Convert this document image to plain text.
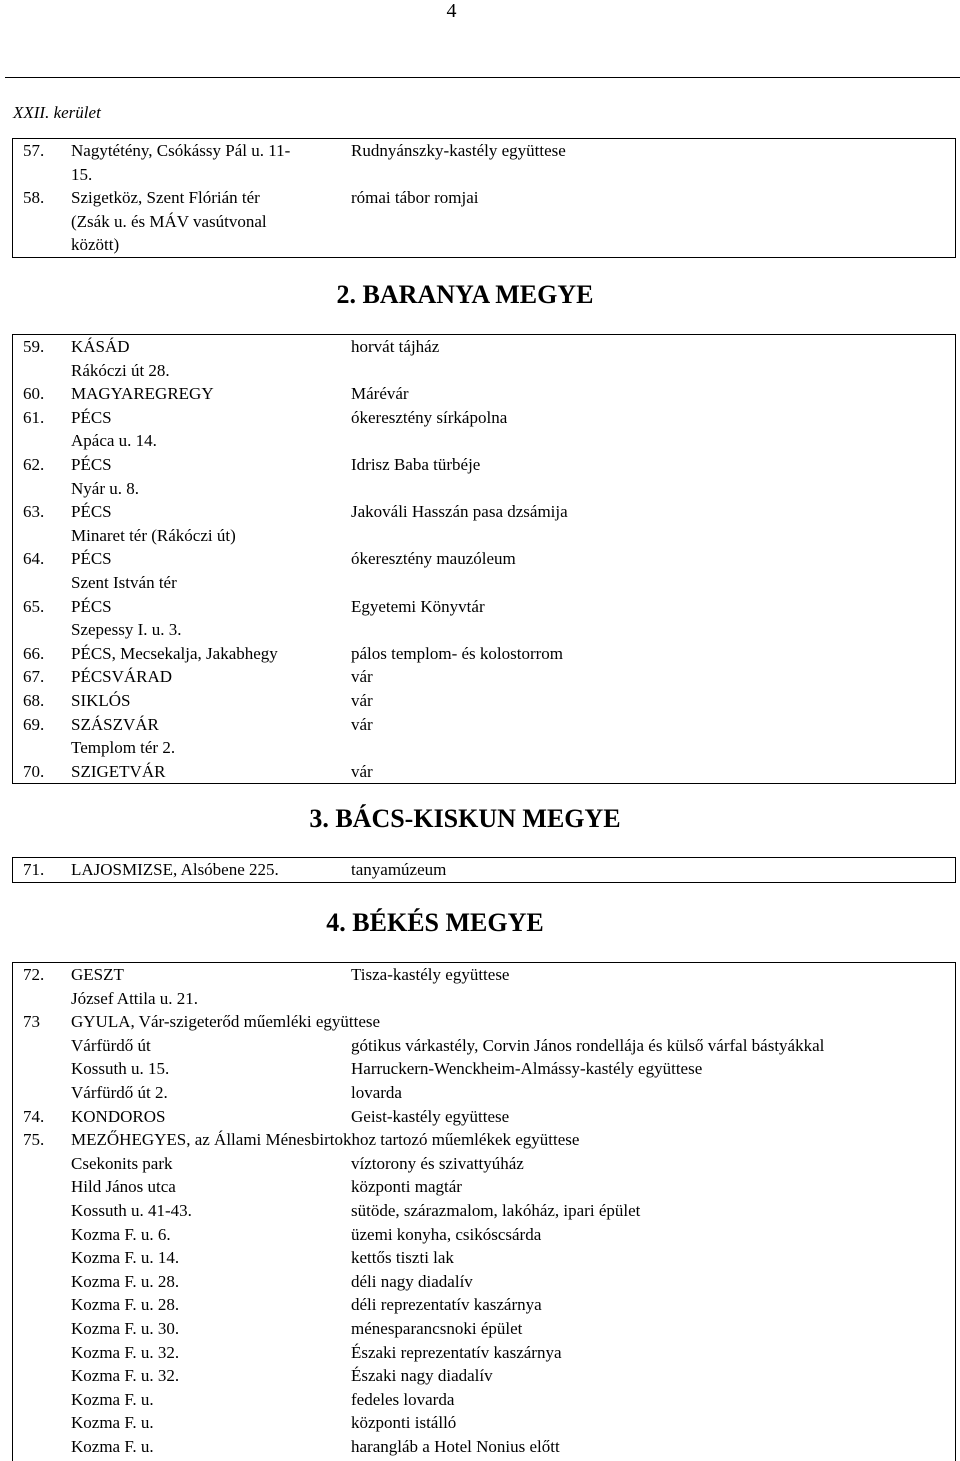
4
XXII. kerület
57. Nagytétény, Csókássy Pál u. 11-	Rudnyánszky-kastély együttese
15.
58. Szigetköz, Szent Flórián tér	római tábor romjai
(Zsák u. és MÁV vasútvonal
között)
2. BARANYA MEGYE
59. KÁSÁD	horvát tájház
Rákóczi út 28.
60. MAGYAREGREGY	Márévár
61. PÉCS	ókeresztény sírkápolna
Apáca u. 14.
62. PÉCS	Idrisz Baba türbéje
Nyár u. 8.
63. PÉCS	Jakováli Hasszán pasa dzsámija
Minaret tér (Rákóczi út)
64. PÉCS	ókeresztény mauzóleum
Szent István tér
65. PÉCS	Egyetemi Könyvtár
Szepessy I. u. 3.
66. PÉCS, Mecsekalja, Jakabhegy	pálos templom- és kolostorrom
67. PÉCSVÁRAD	vár
68. SIKLÓS	vár
69. SZÁSZVÁR	vár
Templom tér 2.
70. SZIGETVÁR	vár
3. BÁCS-KISKUN MEGYE
71. LAJOSMIZSE, Alsóbene 225.	tanyamúzeum
4. BÉKÉS MEGYE
72. GESZT	Tisza-kastély együttese
József Attila u. 21.
73 GYULA, Vár-szigeterőd műemléki együttese
Várfürdő út	gótikus várkastély, Corvin János rondellája és külső várfal bástyákkal
Kossuth u. 15.	Harruckern-Wenckheim-Almássy-kastély együttese
Várfürdő út 2.	lovarda
74. KONDOROS	Geist-kastély együttese
75. MEZŐHEGYES, az Állami Ménesbirtokhoz tartozó műemlékek együttese
Csekonits park	víztorony és szivattyúház
Hild János utca	központi magtár
Kossuth u. 41-43.	sütöde, szárazmalom, lakóház, ipari épület
Kozma F. u. 6.	üzemi konyha, csikóscsárda
Kozma F. u. 14.	kettős tiszti lak
Kozma F. u. 28.	déli nagy diadalív
Kozma F. u. 28.	déli reprezentatív kaszárnya
Kozma F. u. 30.	ménesparancsnoki épület
Kozma F. u. 32.	Északi reprezentatív kaszárnya
Kozma F. u. 32.	Északi nagy diadalív
Kozma F. u.	fedeles lovarda
Kozma F. u.	központi istálló
Kozma F. u.	harangláb a Hotel Nonius előtt
